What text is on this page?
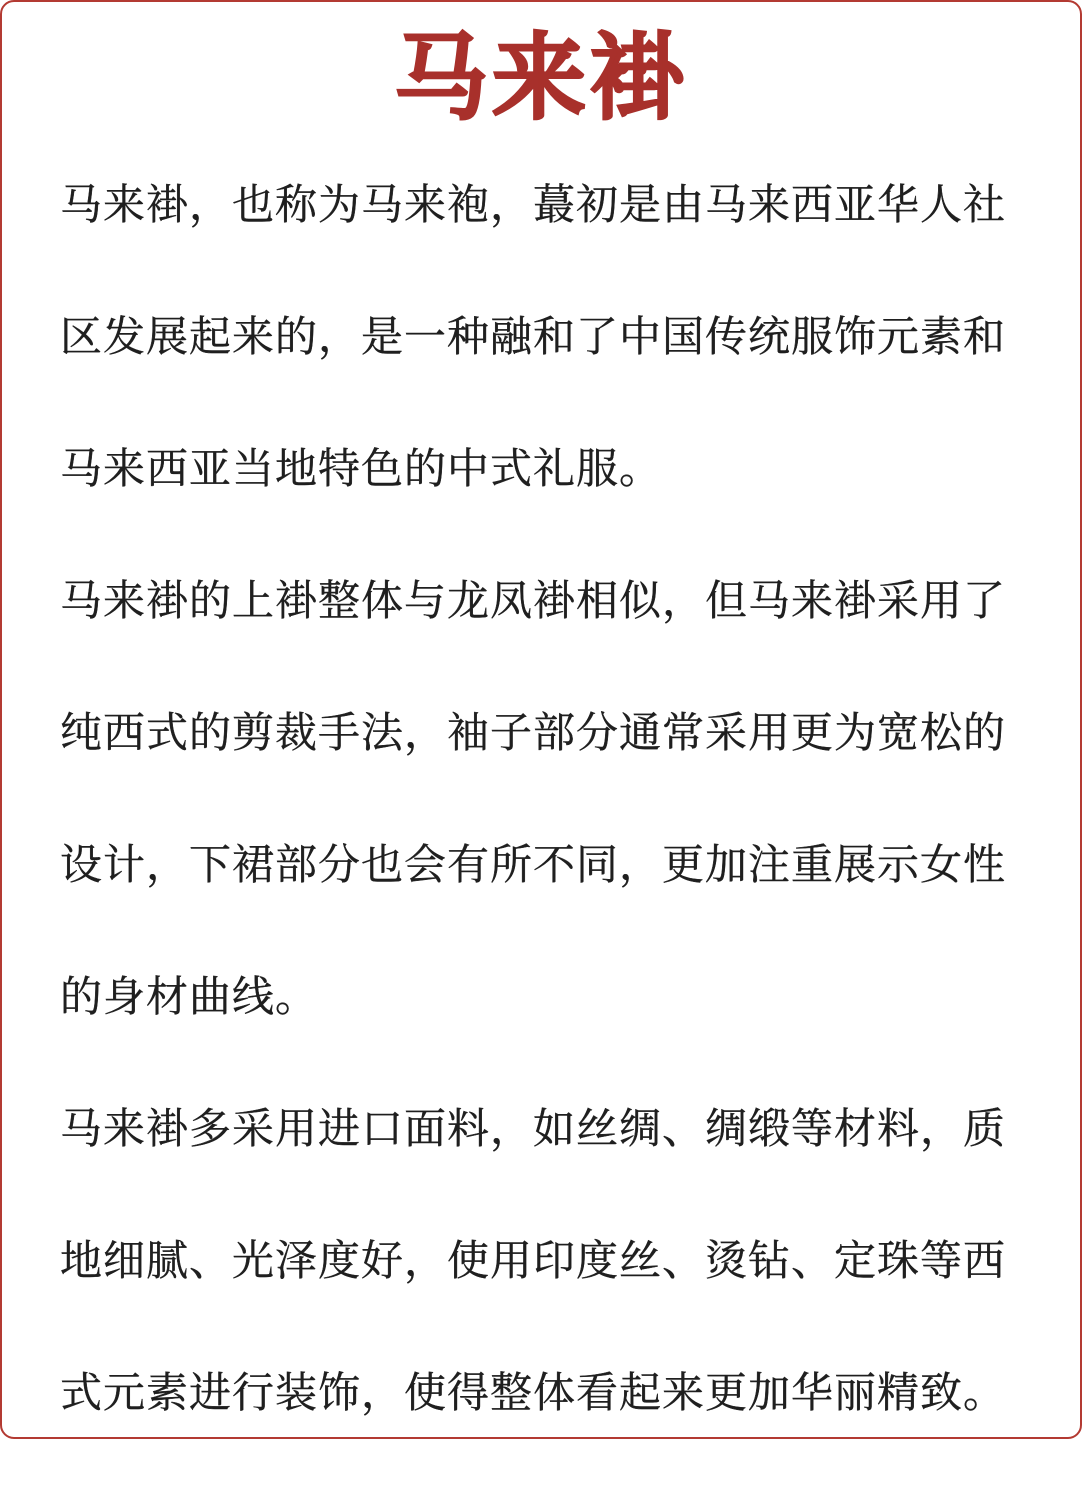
马来褂
马来褂，也称为马来袍，蕞初是由马来西亚华人社
区发展起来的，是一种融和了中国传统服饰元素和
马来西亚当地特色的中式礼服。
马来褂的上褂整体与龙凤褂相似，但马来褂采用了
纯西式的剪裁手法，袖子部分通常采用更为宽松的
设计，下裙部分也会有所不同，更加注重展示女性
的身材曲线。
马来褂多采用进口面料，如丝绸、绸缎等材料，质
地细腻、光泽度好，使用印度丝、烫钻、定珠等西
式元素进行装饰，使得整体看起来更加华丽精致。
